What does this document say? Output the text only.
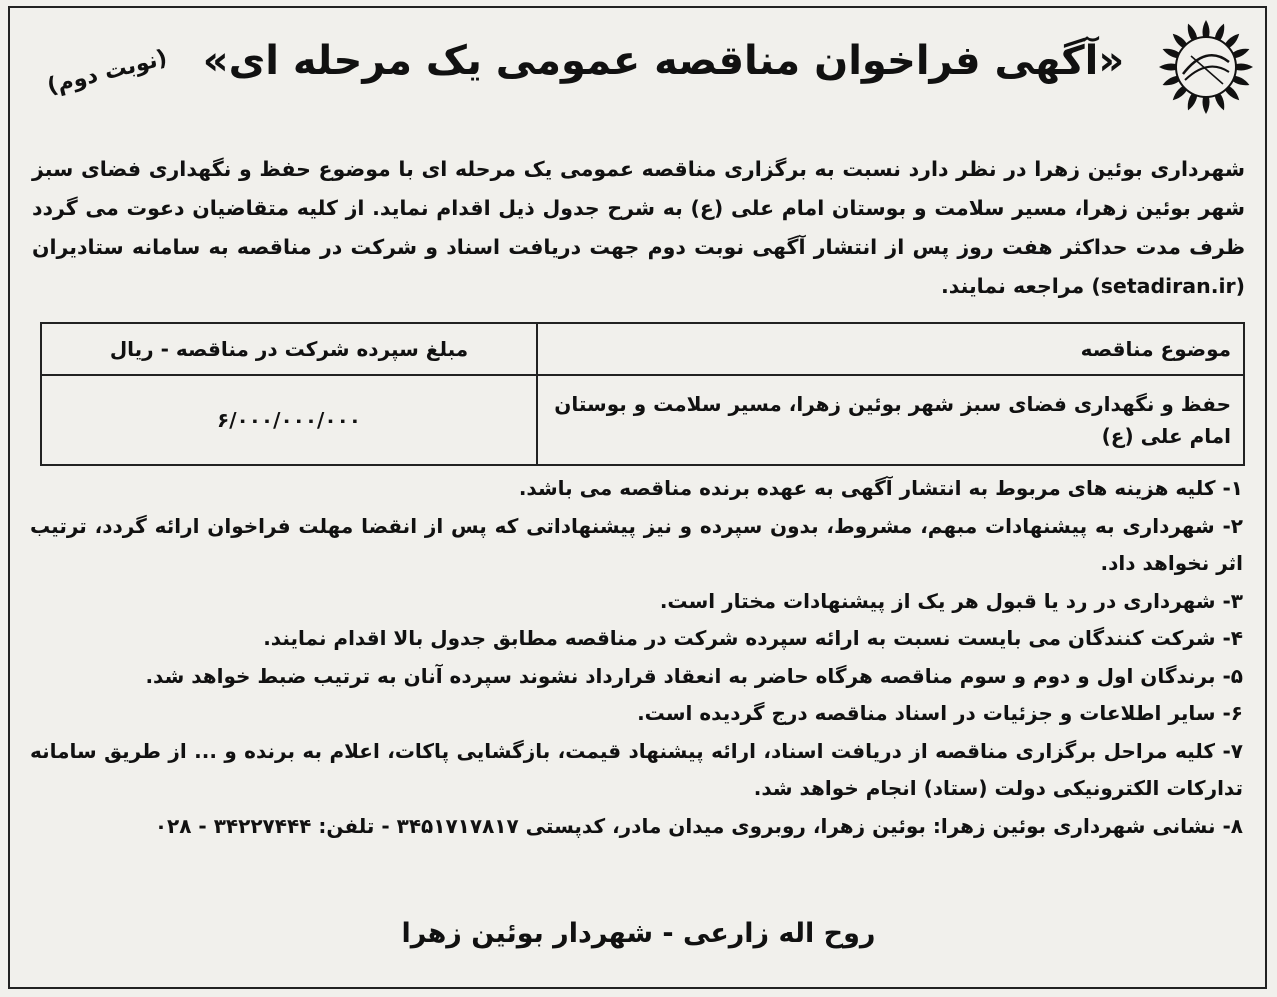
«آگهی فراخوان مناقصه عمومی یک مرحله ای»
(نوبت دوم)
شهرداری بوئین زهرا در نظر دارد نسبت به برگزاری مناقصه عمومی یک مرحله ای با موضوع حفظ و نگهداری فضای سبز شهر بوئین زهرا، مسیر سلامت و بوستان امام علی (ع) به شرح جدول ذیل اقدام نماید. از کلیه متقاضیان دعوت می گردد ظرف مدت حداکثر هفت روز پس از انتشار آگهی نوبت دوم جهت دریافت اسناد و شرکت در مناقصه به سامانه ستادیران (setadiran.ir) مراجعه نمایند.
موضوع مناقصه	مبلغ سپرده شرکت در مناقصه - ریال
حفظ و نگهداری فضای سبز شهر بوئین زهرا، مسیر سلامت و بوستان امام علی (ع)	۶/۰۰۰/۰۰۰/۰۰۰
۱- کلیه هزینه های مربوط به انتشار آگهی به عهده برنده مناقصه می باشد.
۲- شهرداری به پیشنهادات مبهم، مشروط، بدون سپرده و نیز پیشنهاداتی که پس از انقضا مهلت فراخوان ارائه گردد، ترتیب اثر نخواهد داد.
۳- شهرداری در رد یا قبول هر یک از پیشنهادات مختار است.
۴- شرکت کنندگان می بایست نسبت به ارائه سپرده شرکت در مناقصه مطابق جدول بالا اقدام نمایند.
۵- برندگان اول و دوم و سوم مناقصه هرگاه حاضر به انعقاد قرارداد نشوند سپرده آنان به ترتیب ضبط خواهد شد.
۶- سایر اطلاعات و جزئیات در اسناد مناقصه درج گردیده است.
۷- کلیه مراحل برگزاری مناقصه از دریافت اسناد، ارائه پیشنهاد قیمت، بازگشایی پاکات، اعلام به برنده و ... از طریق سامانه تدارکات الکترونیکی دولت (ستاد) انجام خواهد شد.
۸- نشانی شهرداری بوئین زهرا: بوئین زهرا، روبروی میدان مادر، کدپستی ۳۴۵۱۷۱۷۸۱۷ - تلفن: ۳۴۲۲۷۴۴۴ - ۰۲۸
روح اله زارعی - شهردار بوئین زهرا
